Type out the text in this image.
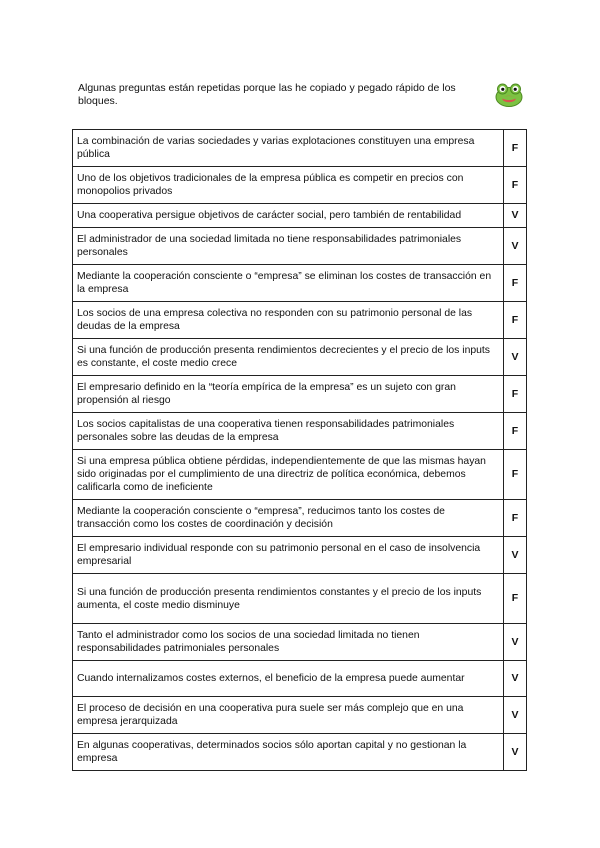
Algunas preguntas están repetidas porque las he copiado y pegado rápido de los bloques.
La combinación de varias sociedades y varias explotaciones constituyen una empresa pública	F
Uno de los objetivos tradicionales de la empresa pública es competir en precios con monopolios privados	F
Una cooperativa persigue objetivos de carácter social, pero también de rentabilidad	V
El administrador de una sociedad limitada no tiene responsabilidades patrimoniales personales	V
Mediante la cooperación consciente o “empresa” se eliminan los costes de transacción en la empresa	F
Los socios de una empresa colectiva no responden con su patrimonio personal de las deudas de la empresa	F
Si una función de producción presenta rendimientos decrecientes y el precio de los inputs es constante, el coste medio crece	V
El empresario definido en la “teoría empírica de la empresa” es un sujeto con gran propensión al riesgo	F
Los socios capitalistas de una cooperativa tienen responsabilidades patrimoniales personales sobre las deudas de la empresa	F
Si una empresa pública obtiene pérdidas, independientemente de que las mismas hayan sido originadas por el cumplimiento de una directriz de política económica, debemos calificarla como de ineficiente	F
Mediante la cooperación consciente o “empresa”, reducimos tanto los costes de transacción como los costes de coordinación y decisión	F
El empresario individual responde con su patrimonio personal en el caso de insolvencia empresarial	V
Si una función de producción presenta rendimientos constantes y el precio de los inputs aumenta, el coste medio disminuye	F
Tanto el administrador como los socios de una sociedad limitada no tienen responsabilidades patrimoniales personales	V
Cuando internalizamos costes externos, el beneficio de la empresa puede aumentar	V
El proceso de decisión en una cooperativa pura suele ser más complejo que en una empresa jerarquizada	V
En algunas cooperativas, determinados socios sólo aportan capital y no gestionan la empresa	V
